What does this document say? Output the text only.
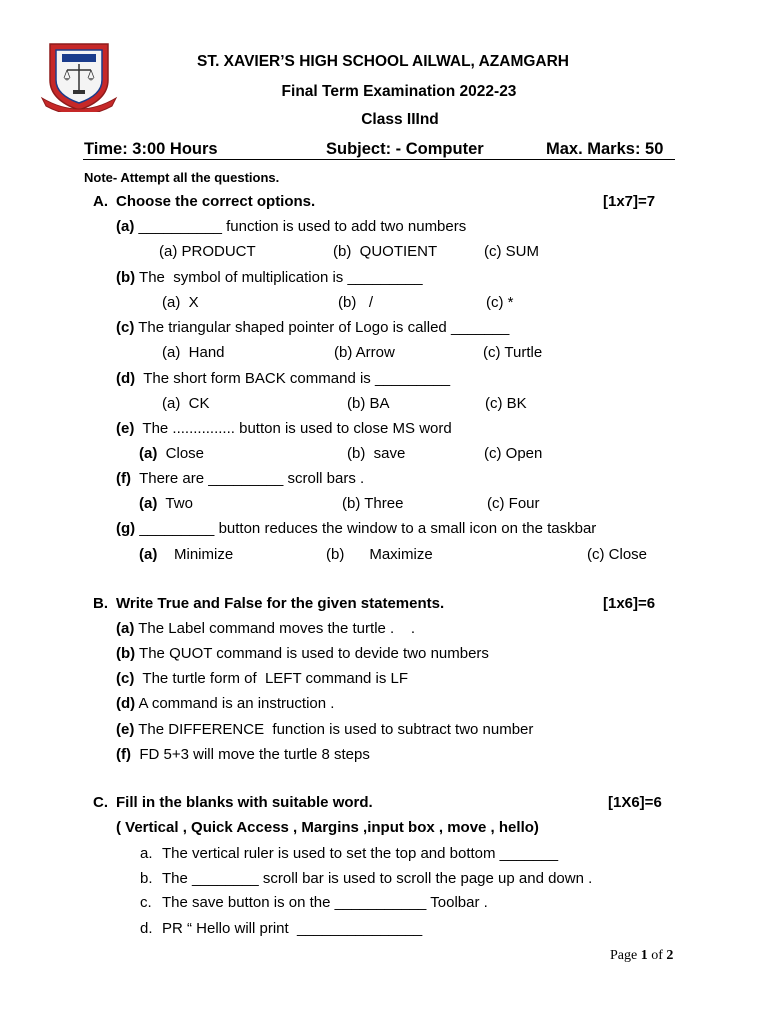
ST. XAVIER’S HIGH SCHOOL AILWAL, AZAMGARH
Final Term Examination 2022-23
Class IIInd
Time: 3:00 Hours	Subject: - Computer	Max. Marks: 50
Note- Attempt all the questions.
A. Choose the correct options.	[1x7]=7
(a) __________ function is used to add two numbers
(a) PRODUCT	(b)  QUOTIENT	(c) SUM
(b) The  symbol of multiplication is _________
(a)  X	(b)   /	(c) *
(c) The triangular shaped pointer of Logo is called _______
(a)  Hand	(b) Arrow	(c) Turtle
(d)  The short form BACK command is _________
(a)  CK	(b) BA	(c) BK
(e)  The ............... button is used to close MS word
(a)  Close	(b)  save	(c) Open
(f)  There are _________ scroll bars .
(a)  Two	(b) Three	(c) Four
(g) _________ button reduces the window to a small icon on the taskbar
(a)    Minimize	(b)      Maximize	(c) Close
B. Write True and False for the given statements.	[1x6]=6
(a) The Label command moves the turtle .    .
(b) The QUOT command is used to devide two numbers
(c)  The turtle form of  LEFT command is LF
(d) A command is an instruction .
(e) The DIFFERENCE  function is used to subtract two number
(f)  FD 5+3 will move the turtle 8 steps
C. Fill in the blanks with suitable word.	[1X6]=6
( Vertical , Quick Access , Margins ,input box , move , hello)
a. The vertical ruler is used to set the top and bottom _______
b. The ________ scroll bar is used to scroll the page up and down .
c. The save button is on the ___________ Toolbar .
d. PR “ Hello will print  _______________
Page 1 of 2
